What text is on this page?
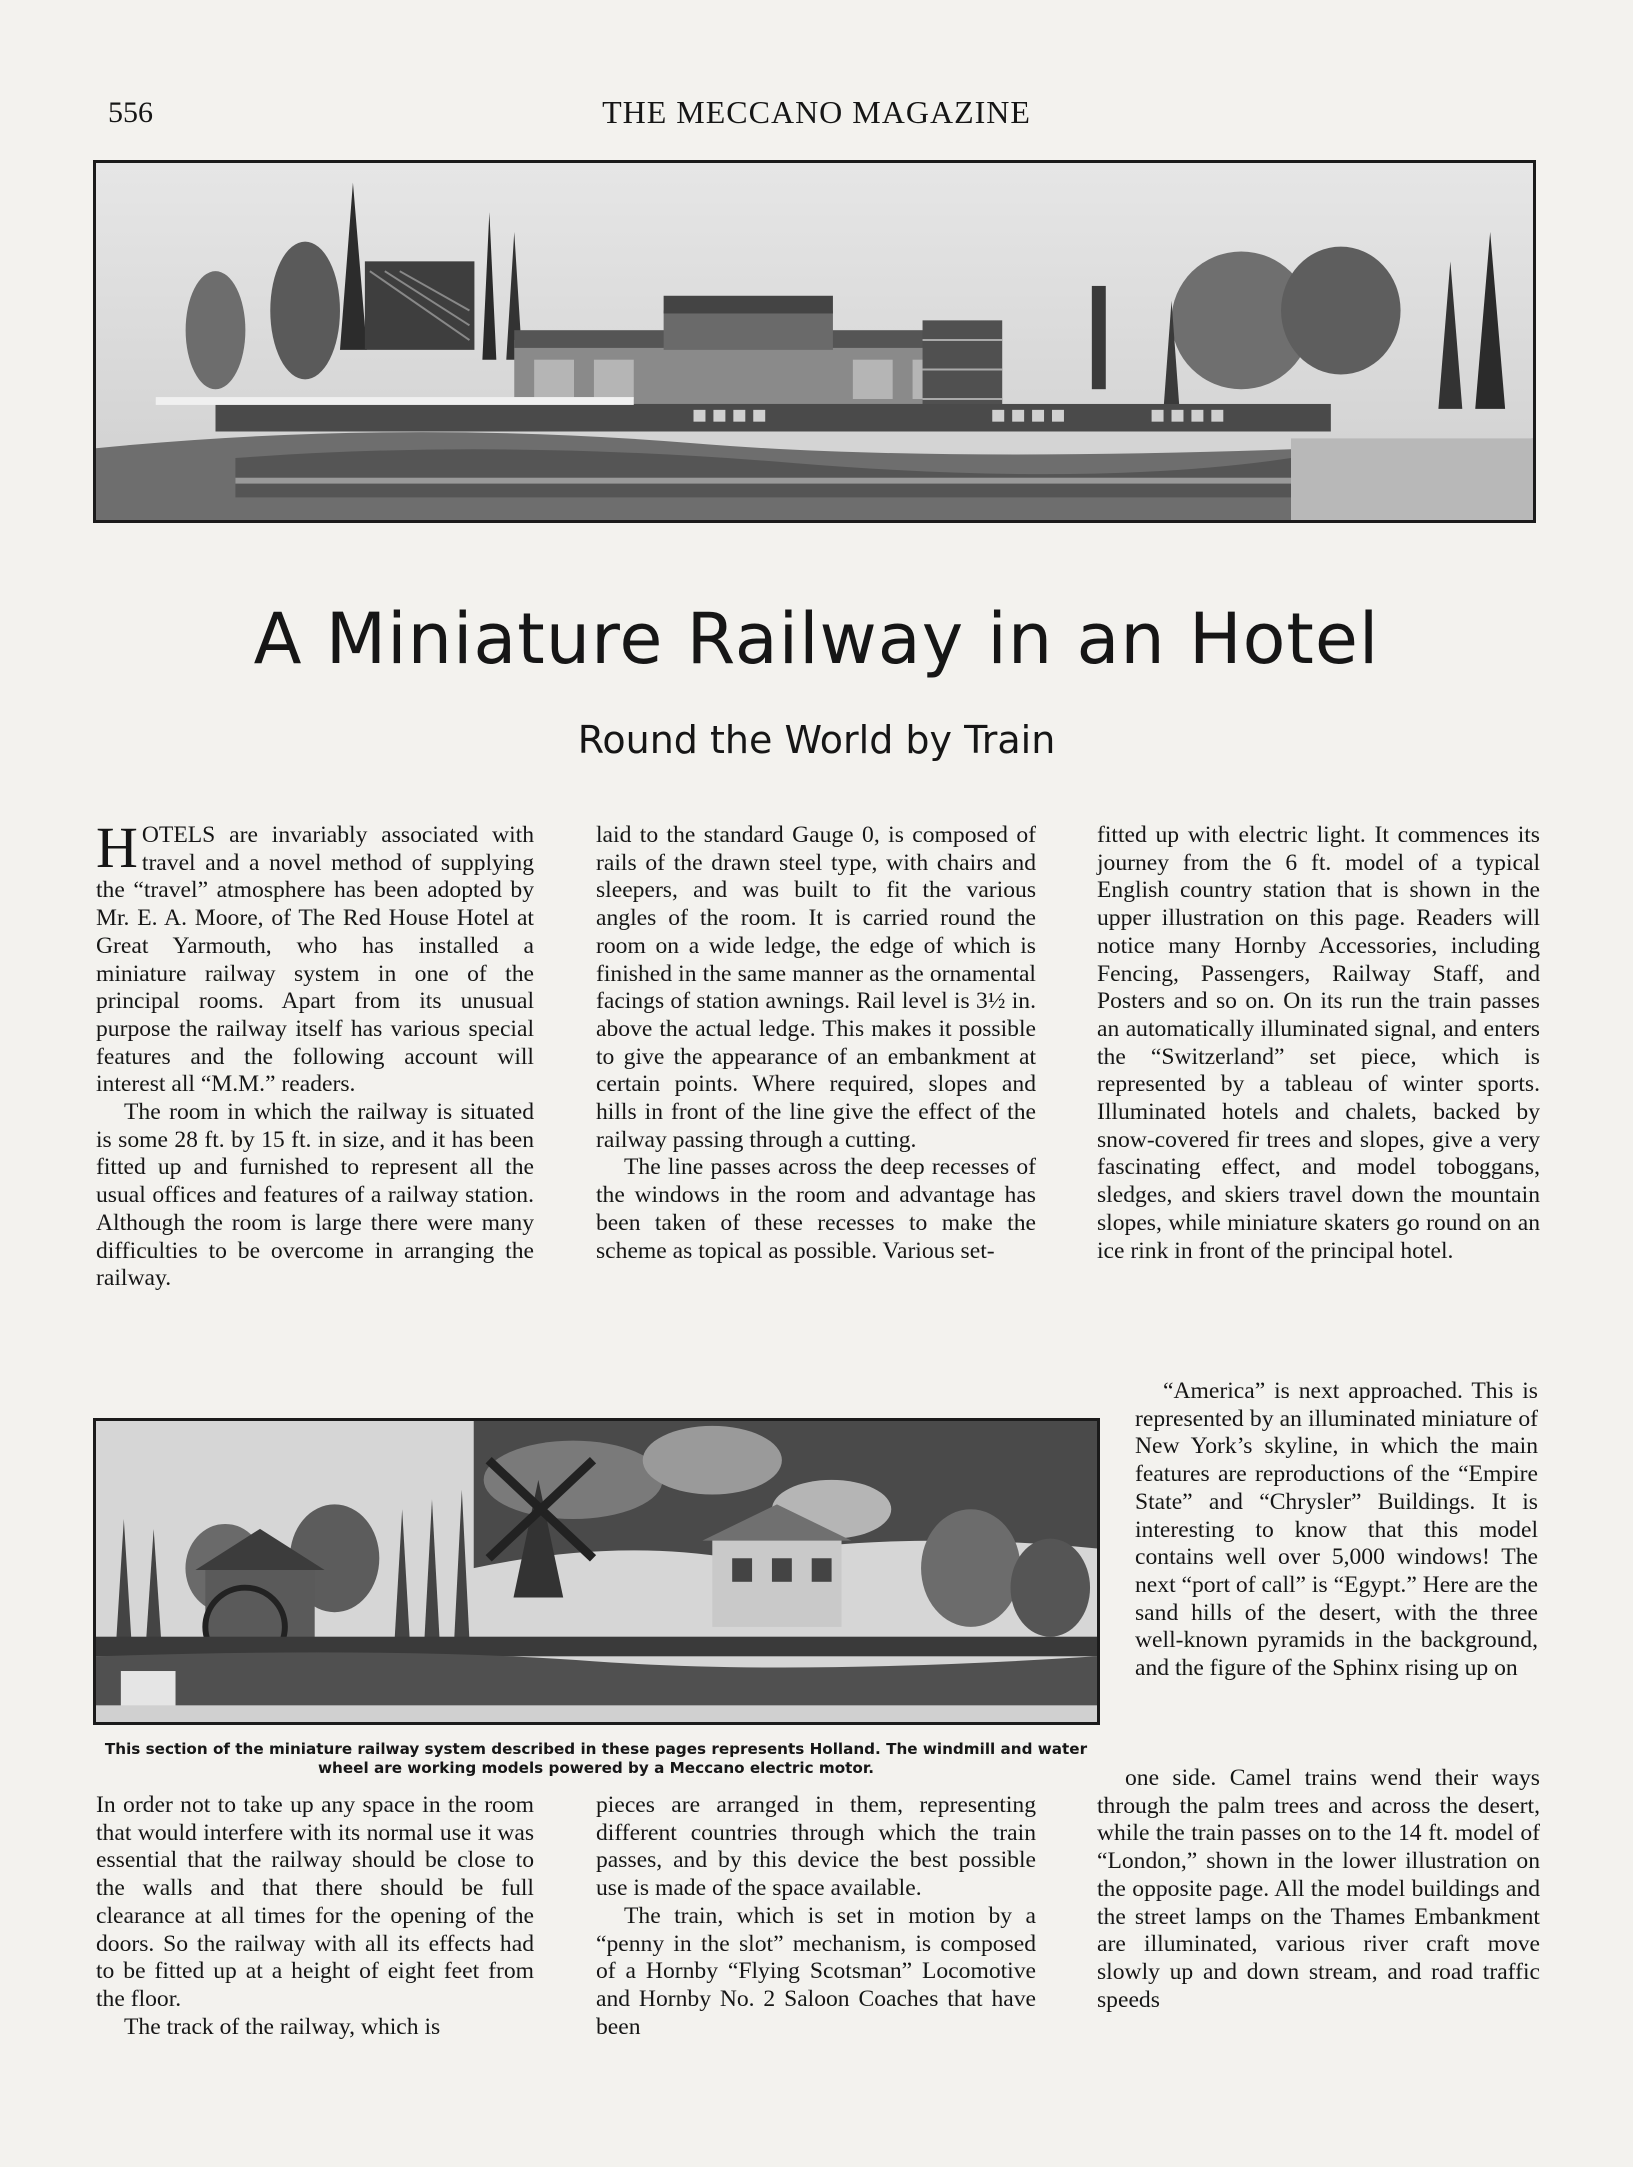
556	THE MECCANO MAGAZINE
A Miniature Railway in an Hotel
Round the World by Train

HOTELS are invariably associated with travel and a novel method of supplying the “travel” atmosphere has been adopted by Mr. E. A. Moore, of The Red House Hotel at Great Yarmouth, who has installed a miniature railway system in one of the principal rooms. Apart from its unusual purpose the railway itself has various special features and the following account will interest all “M.M.” readers.

The room in which the railway is situated is some 28 ft. by 15 ft. in size, and it has been fitted up and furnished to represent all the usual offices and features of a railway station. Although the room is large there were many difficulties to be overcome in arranging the railway.

laid to the standard Gauge 0, is composed of rails of the drawn steel type, with chairs and sleepers, and was built to fit the various angles of the room. It is carried round the room on a wide ledge, the edge of which is finished in the same manner as the ornamental facings of station awnings. Rail level is 3½ in. above the actual ledge. This makes it possible to give the appearance of an embankment at certain points. Where required, slopes and hills in front of the line give the effect of the railway passing through a cutting.

The line passes across the deep recesses of the windows in the room and advantage has been taken of these recesses to make the scheme as topical as possible. Various set-

fitted up with electric light. It commences its journey from the 6 ft. model of a typical English country station that is shown in the upper illustration on this page. Readers will notice many Hornby Accessories, including Fencing, Passengers, Railway Staff, and Posters and so on. On its run the train passes an automatically illuminated signal, and enters the “Switzerland” set piece, which is represented by a tableau of winter sports. Illuminated hotels and chalets, backed by snow-covered fir trees and slopes, give a very fascinating effect, and model toboggans, sledges, and skiers travel down the mountain slopes, while miniature skaters go round on an ice rink in front of the principal hotel.

“America” is next approached. This is represented by an illuminated miniature of New York’s skyline, in which the main features are reproductions of the “Empire State” and “Chrysler” Buildings. It is interesting to know that this model contains well over 5,000 windows! The next “port of call” is “Egypt.” Here are the sand hills of the desert, with the three well-known pyramids in the background, and the figure of the Sphinx rising up on

This section of the miniature railway system described in these pages represents Holland. The windmill and water wheel are working models powered by a Meccano electric motor.

In order not to take up any space in the room that would interfere with its normal use it was essential that the railway should be close to the walls and that there should be full clearance at all times for the opening of the doors. So the railway with all its effects had to be fitted up at a height of eight feet from the floor.

The track of the railway, which is

pieces are arranged in them, representing different countries through which the train passes, and by this device the best possible use is made of the space available.

The train, which is set in motion by a “penny in the slot” mechanism, is composed of a Hornby “Flying Scotsman” Locomotive and Hornby No. 2 Saloon Coaches that have been

one side. Camel trains wend their ways through the palm trees and across the desert, while the train passes on to the 14 ft. model of “London,” shown in the lower illustration on the opposite page. All the model buildings and the street lamps on the Thames Embankment are illuminated, various river craft move slowly up and down stream, and road traffic speeds
